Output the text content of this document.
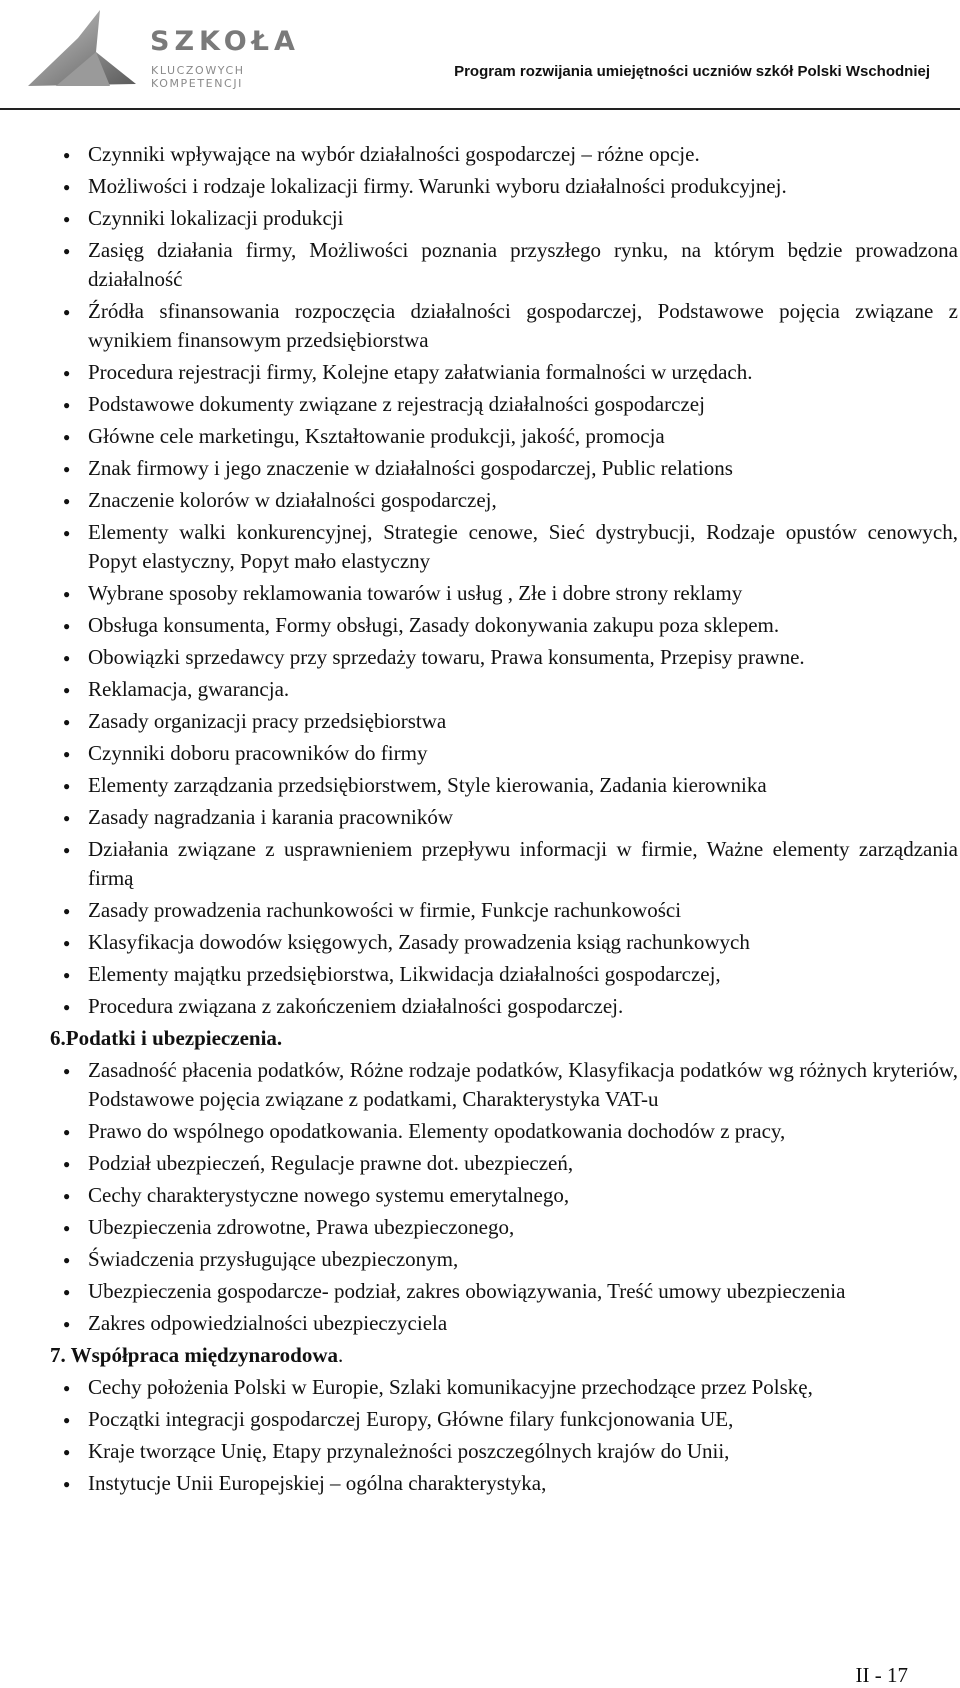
SZKOŁA
KLUCZOWYCH KOMPETENCJI
Program rozwijania umiejętności uczniów szkół Polski Wschodniej
● Czynniki wpływające na wybór działalności gospodarczej – różne opcje.
● Możliwości i rodzaje lokalizacji firmy. Warunki wyboru działalności produkcyjnej.
● Czynniki lokalizacji produkcji
● Zasięg działania firmy, Możliwości poznania przyszłego rynku, na którym będzie prowadzona działalność
● Źródła sfinansowania rozpoczęcia działalności gospodarczej, Podstawowe pojęcia związane z wynikiem finansowym przedsiębiorstwa
● Procedura rejestracji firmy, Kolejne etapy załatwiania formalności w urzędach.
● Podstawowe dokumenty związane z rejestracją działalności gospodarczej
● Główne cele marketingu, Kształtowanie produkcji, jakość, promocja
● Znak firmowy i jego znaczenie w działalności gospodarczej, Public relations
● Znaczenie kolorów w działalności gospodarczej,
● Elementy walki konkurencyjnej, Strategie cenowe, Sieć dystrybucji, Rodzaje opustów cenowych, Popyt elastyczny, Popyt mało elastyczny
● Wybrane sposoby reklamowania towarów i usług , Złe i dobre strony reklamy
● Obsługa konsumenta, Formy obsługi, Zasady dokonywania zakupu poza sklepem.
● Obowiązki sprzedawcy przy sprzedaży towaru, Prawa konsumenta, Przepisy prawne.
● Reklamacja, gwarancja.
● Zasady organizacji pracy przedsiębiorstwa
● Czynniki doboru pracowników do firmy
● Elementy zarządzania przedsiębiorstwem, Style kierowania, Zadania kierownika
● Zasady nagradzania i karania pracowników
● Działania związane z usprawnieniem przepływu informacji w firmie, Ważne elementy zarządzania firmą
● Zasady prowadzenia rachunkowości w firmie, Funkcje rachunkowości
● Klasyfikacja dowodów księgowych, Zasady prowadzenia ksiąg rachunkowych
● Elementy majątku przedsiębiorstwa, Likwidacja działalności gospodarczej,
● Procedura związana z zakończeniem działalności gospodarczej.
6.Podatki i ubezpieczenia.
● Zasadność płacenia podatków, Różne rodzaje podatków, Klasyfikacja podatków wg różnych kryteriów, Podstawowe pojęcia związane z podatkami, Charakterystyka VAT-u
● Prawo do wspólnego opodatkowania. Elementy opodatkowania dochodów z pracy,
● Podział ubezpieczeń, Regulacje prawne dot. ubezpieczeń,
● Cechy charakterystyczne nowego systemu emerytalnego,
● Ubezpieczenia zdrowotne, Prawa ubezpieczonego,
● Świadczenia przysługujące ubezpieczonym,
● Ubezpieczenia gospodarcze- podział, zakres obowiązywania, Treść umowy ubezpieczenia
● Zakres odpowiedzialności ubezpieczyciela
7. Współpraca międzynarodowa.
● Cechy położenia Polski w Europie, Szlaki komunikacyjne przechodzące przez Polskę,
● Początki integracji gospodarczej Europy, Główne filary funkcjonowania UE,
● Kraje tworzące Unię, Etapy przynależności poszczególnych krajów do Unii,
● Instytucje Unii Europejskiej – ogólna charakterystyka,
II - 17
